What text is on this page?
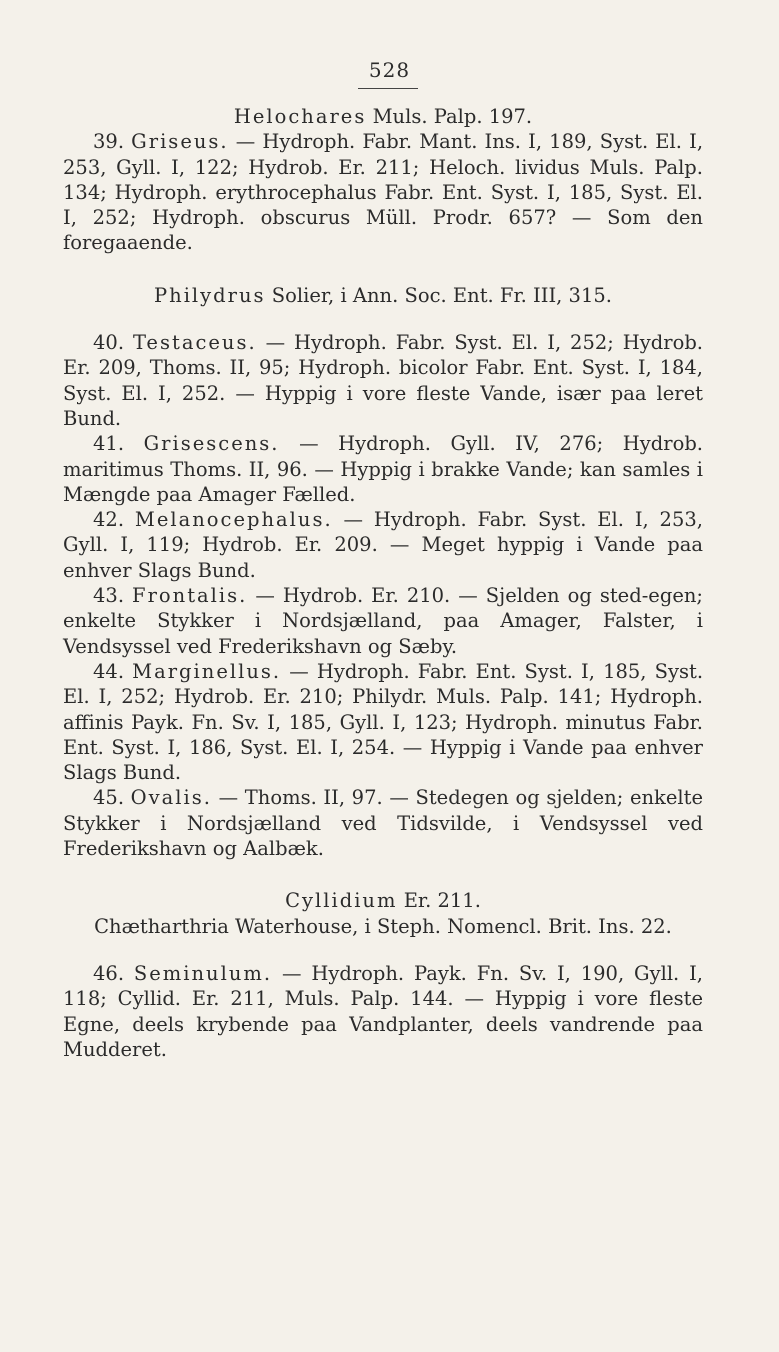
528

Helochares Muls. Palp. 197.

39. Griseus. — Hydroph. Fabr. Mant. Ins. I, 189, Syst. El. I, 253, Gyll. I, 122; Hydrob. Er. 211; Heloch. lividus Muls. Palp. 134; Hydroph. erythrocephalus Fabr. Ent. Syst. I, 185, Syst. El. I, 252; Hydroph. obscurus Müll. Prodr. 657? — Som den foregaaende.

Philydrus Solier, i Ann. Soc. Ent. Fr. III, 315.

40. Testaceus. — Hydroph. Fabr. Syst. El. I, 252; Hydrob. Er. 209, Thoms. II, 95; Hydroph. bicolor Fabr. Ent. Syst. I, 184, Syst. El. I, 252. — Hyppig i vore fleste Vande, især paa leret Bund.

41. Grisescens. — Hydroph. Gyll. IV, 276; Hydrob. maritimus Thoms. II, 96. — Hyppig i brakke Vande; kan samles i Mængde paa Amager Fælled.

42. Melanocephalus. — Hydroph. Fabr. Syst. El. I, 253, Gyll. I, 119; Hydrob. Er. 209. — Meget hyppig i Vande paa enhver Slags Bund.

43. Frontalis. — Hydrob. Er. 210. — Sjelden og sted-egen; enkelte Stykker i Nordsjælland, paa Amager, Falster, i Vendsyssel ved Frederikshavn og Sæby.

44. Marginellus. — Hydroph. Fabr. Ent. Syst. I, 185, Syst. El. I, 252; Hydrob. Er. 210; Philydr. Muls. Palp. 141; Hydroph. affinis Payk. Fn. Sv. I, 185, Gyll. I, 123; Hydroph. minutus Fabr. Ent. Syst. I, 186, Syst. El. I, 254. — Hyppig i Vande paa enhver Slags Bund.

45. Ovalis. — Thoms. II, 97. — Stedegen og sjelden; enkelte Stykker i Nordsjælland ved Tidsvilde, i Vendsyssel ved Frederikshavn og Aalbæk.

Cyllidium Er. 211.

Chætharthria Waterhouse, i Steph. Nomencl. Brit. Ins. 22.

46. Seminulum. — Hydroph. Payk. Fn. Sv. I, 190, Gyll. I, 118; Cyllid. Er. 211, Muls. Palp. 144. — Hyppig i vore fleste Egne, deels krybende paa Vandplanter, deels vandrende paa Mudderet.
